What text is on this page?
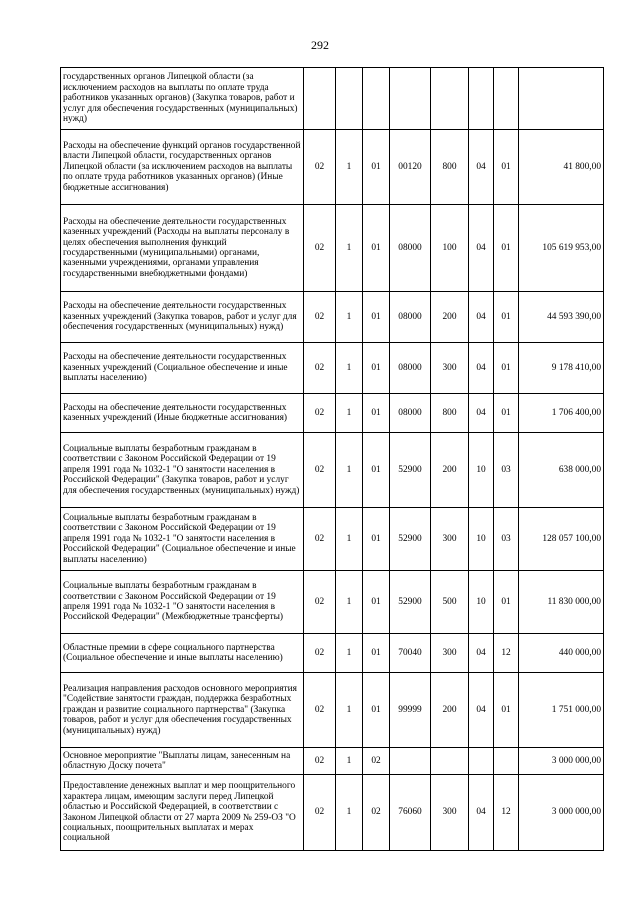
292
государственных органов Липецкой области (за исключением расходов на выплаты по оплате труда работников указанных органов) (Закупка товаров, работ и услуг для обеспечения государственных (муниципальных) нужд)								
Расходы на обеспечение функций органов государственной власти Липецкой области, государственных органов Липецкой области (за исключением расходов на выплаты по оплате труда работников указанных органов) (Иные бюджетные ассигнования)	02	1	01	00120	800	04	01	41 800,00
Расходы на обеспечение деятельности государственных казенных учреждений (Расходы на выплаты персоналу в целях обеспечения выполнения функций государственными (муниципальными) органами, казенными учреждениями, органами управления государственными внебюджетными фондами)	02	1	01	08000	100	04	01	105 619 953,00
Расходы на обеспечение деятельности государственных казенных учреждений (Закупка товаров, работ и услуг для обеспечения государственных (муниципальных) нужд)	02	1	01	08000	200	04	01	44 593 390,00
Расходы на обеспечение деятельности государственных казенных учреждений (Социальное обеспечение и иные выплаты населению)	02	1	01	08000	300	04	01	9 178 410,00
Расходы на обеспечение деятельности государственных казенных учреждений (Иные бюджетные ассигнования)	02	1	01	08000	800	04	01	1 706 400,00
Социальные выплаты безработным гражданам в соответствии с Законом Российской Федерации от 19 апреля 1991 года № 1032-1 "О занятости населения в Российской Федерации" (Закупка товаров, работ и услуг для обеспечения государственных (муниципальных) нужд)	02	1	01	52900	200	10	03	638 000,00
Социальные выплаты безработным гражданам в соответствии с Законом Российской Федерации от 19 апреля 1991 года № 1032-1 "О занятости населения в Российской Федерации" (Социальное обеспечение и иные выплаты населению)	02	1	01	52900	300	10	03	128 057 100,00
Социальные выплаты безработным гражданам в соответствии с Законом Российской Федерации от 19 апреля 1991 года № 1032-1 "О занятости населения в Российской Федерации" (Межбюджетные трансферты)	02	1	01	52900	500	10	01	11 830 000,00
Областные премии в сфере социального партнерства (Социальное обеспечение и иные выплаты населению)	02	1	01	70040	300	04	12	440 000,00
Реализация направления расходов основного мероприятия "Содействие занятости граждан, поддержка безработных граждан и развитие социального партнерства" (Закупка товаров, работ и услуг для обеспечения государственных (муниципальных) нужд)	02	1	01	99999	200	04	01	1 751 000,00
Основное мероприятие "Выплаты лицам, занесенным на областную Доску почета"	02	1	02					3 000 000,00
Предоставление денежных выплат и мер поощрительного характера лицам, имеющим заслуги перед Липецкой областью и Российской Федерацией, в соответствии с Законом Липецкой области от 27 марта 2009 № 259-ОЗ "О социальных, поощрительных выплатах и мерах социальной	02	1	02	76060	300	04	12	3 000 000,00
